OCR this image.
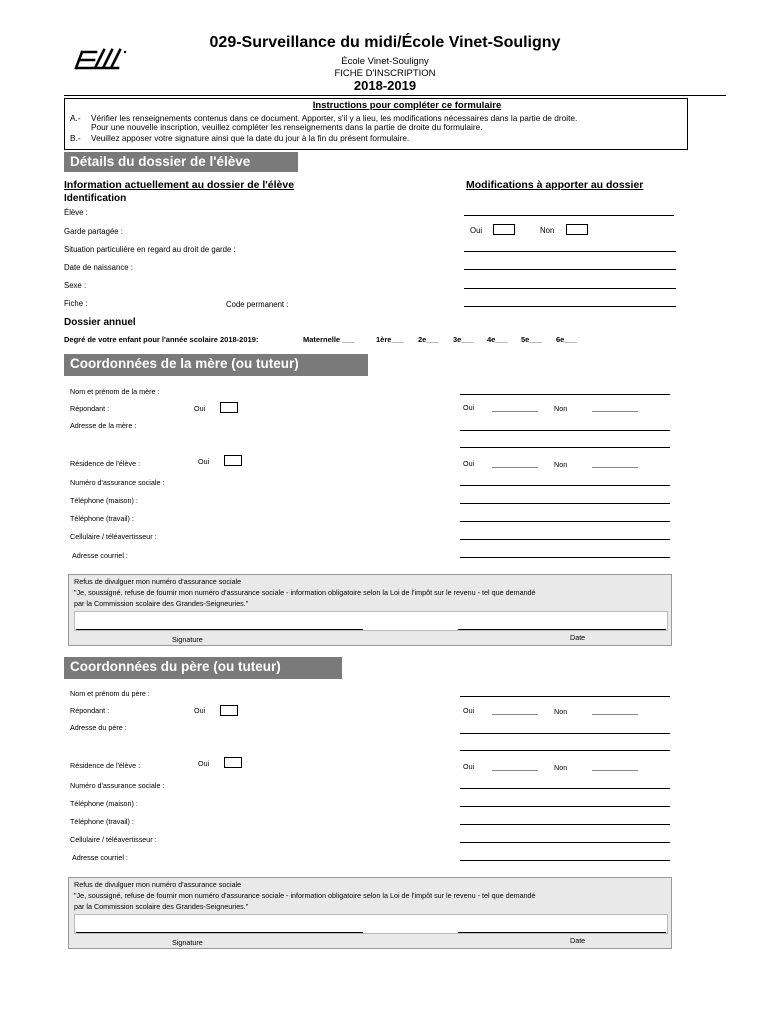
029-Surveillance du midi/École Vinet-Souligny
École Vinet-Souligny
FICHE D'INSCRIPTION
2018-2019
Instructions pour compléter ce formulaire
A.- Vérifier les renseignements contenus dans ce document. Apporter, s'il y a lieu, les modifications nécessaires dans la partie de droite.
Pour une nouvelle inscription, veuillez compléter les renseignements dans la partie de droite du formulaire.
B.- Veuillez apposer votre signature ainsi que la date du jour à la fin du présent formulaire.
Détails du dossier de l'élève
Information actuellement au dossier de l'élève	Modifications à apporter au dossier
Identification
Élève :
Garde partagée :	Oui	Non
Situation particulière en regard au droit de garde :
Date de naissance :
Sexe :
Fiche :	Code permanent :
Dossier annuel
Degré de votre enfant pour l'année scolaire 2018-2019:	Maternelle ___	1ère___ 2e___ 3e___ 4e___ 5e___ 6e___
Coordonnées de la mère (ou tuteur)
Nom et prénom de la mère :
Répondant :	Oui	Oui	Non
Adresse de la mère :
Résidence de l'élève :	Oui	Oui	Non
Numéro d'assurance sociale :
Téléphone (maison) :
Téléphone (travail) :
Cellulaire / téléavertisseur :
Adresse courriel :
Refus de divulguer mon numéro d'assurance sociale
"Je, soussigné, refuse de fournir mon numéro d'assurance sociale - information obligatoire selon la Loi de l'impôt sur le revenu - tel que demandé
par la Commission scolaire des Grandes-Seigneuries."
Signature	Date
Coordonnées du père (ou tuteur)
Nom et prénom du père :
Répondant :	Oui	Oui	Non
Adresse du père :
Résidence de l'élève :	Oui	Oui	Non
Numéro d'assurance sociale :
Téléphone (maison) :
Téléphone (travail) :
Cellulaire / téléavertisseur :
Adresse courriel :
Refus de divulguer mon numéro d'assurance sociale
"Je, soussigné, refuse de fournir mon numéro d'assurance sociale - information obligatoire selon la Loi de l'impôt sur le revenu - tel que demandé
par la Commission scolaire des Grandes-Seigneuries."
Signature	Date
